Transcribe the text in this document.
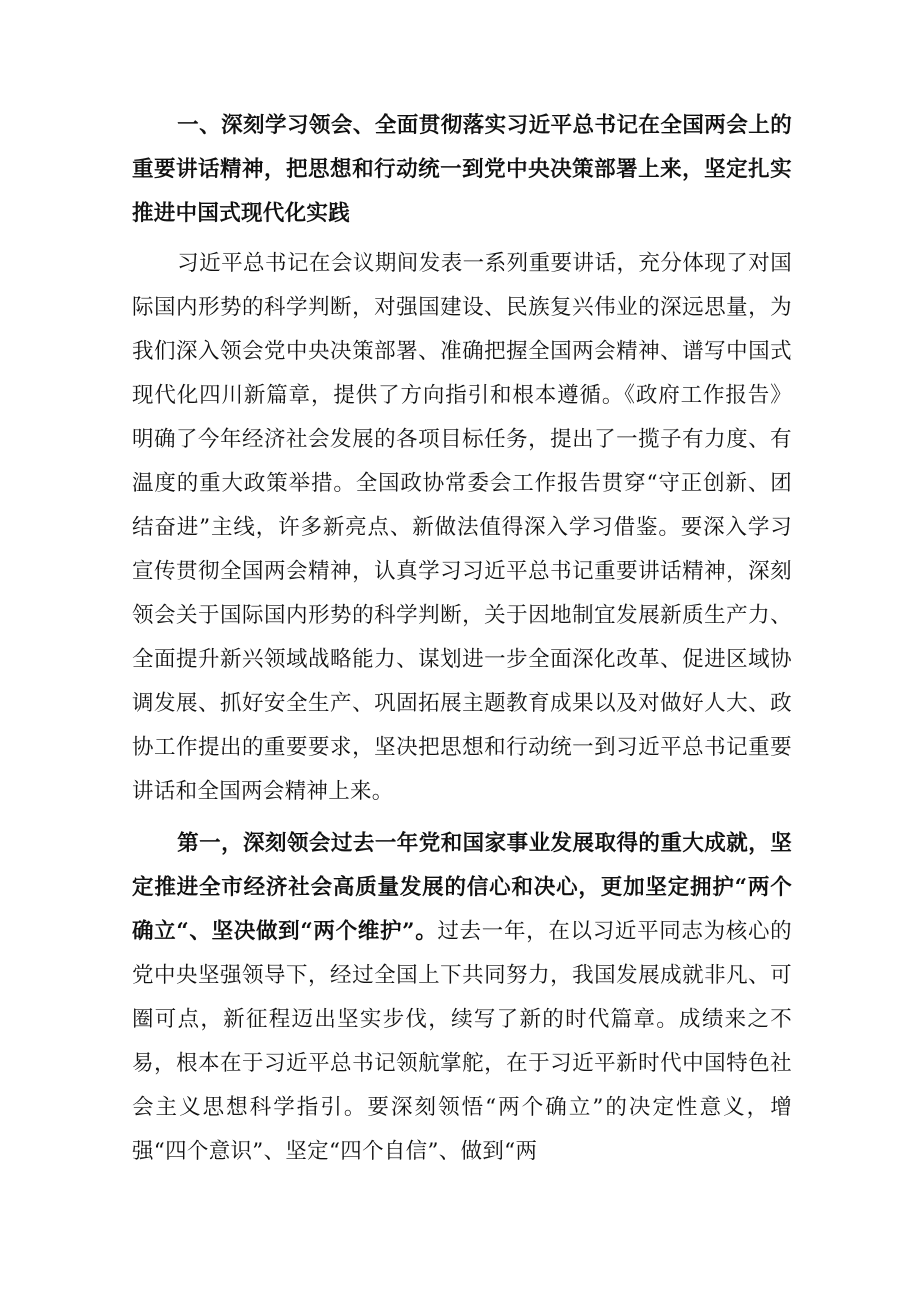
一、深刻学习领会、全面贯彻落实习近平总书记在全国两会上的重要讲话精神，把思想和行动统一到党中央决策部署上来，坚定扎实推进中国式现代化实践

习近平总书记在会议期间发表一系列重要讲话，充分体现了对国际国内形势的科学判断，对强国建设、民族复兴伟业的深远思量，为我们深入领会党中央决策部署、准确把握全国两会精神、谱写中国式现代化四川新篇章，提供了方向指引和根本遵循。《政府工作报告》明确了今年经济社会发展的各项目标任务，提出了一揽子有力度、有温度的重大政策举措。全国政协常委会工作报告贯穿“守正创新、团结奋进”主线，许多新亮点、新做法值得深入学习借鉴。要深入学习宣传贯彻全国两会精神，认真学习习近平总书记重要讲话精神，深刻领会关于国际国内形势的科学判断，关于因地制宜发展新质生产力、全面提升新兴领域战略能力、谋划进一步全面深化改革、促进区域协调发展、抓好安全生产、巩固拓展主题教育成果以及对做好人大、政协工作提出的重要要求，坚决把思想和行动统一到习近平总书记重要讲话和全国两会精神上来。

第一，深刻领会过去一年党和国家事业发展取得的重大成就，坚定推进全市经济社会高质量发展的信心和决心，更加坚定拥护“两个确立“、坚决做到“两个维护”。过去一年，在以习近平同志为核心的党中央坚强领导下，经过全国上下共同努力，我国发展成就非凡、可圈可点，新征程迈出坚实步伐，续写了新的时代篇章。成绩来之不易，根本在于习近平总书记领航掌舵，在于习近平新时代中国特色社会主义思想科学指引。要深刻领悟“两个确立”的决定性意义，增强“四个意识”、坚定“四个自信”、做到“两
